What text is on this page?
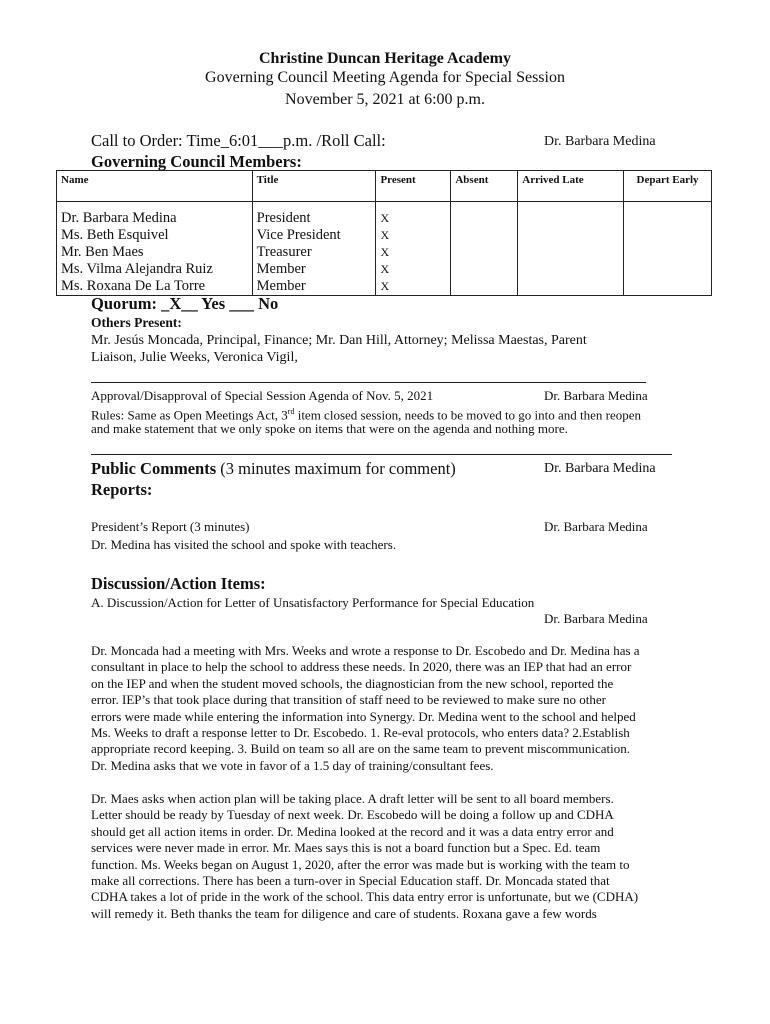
Christine Duncan Heritage Academy
Governing Council Meeting Agenda for Special Session
November 5, 2021 at 6:00 p.m.
Call to Order: Time_6:01___p.m. /Roll Call:	Dr. Barbara Medina
Governing Council Members:
Name	Title	Present	Absent	Arrived Late	Depart Early

Dr. Barbara Medina	President	X			
Ms. Beth Esquivel	Vice President	X			
Mr. Ben Maes	Treasurer	X			
Ms. Vilma Alejandra Ruiz	Member	X			
Ms. Roxana De La Torre	Member	X			
Quorum: _X__ Yes ___ No
Others Present:
Mr. Jesús Moncada, Principal, Finance; Mr. Dan Hill, Attorney; Melissa Maestas, Parent
Liaison, Julie Weeks, Veronica Vigil,
Approval/Disapproval of Special Session Agenda of Nov. 5, 2021	Dr. Barbara Medina
Rules: Same as Open Meetings Act, 3rd item closed session, needs to be moved to go into and then reopen
and make statement that we only spoke on items that were on the agenda and nothing more.
Public Comments (3 minutes maximum for comment)	Dr. Barbara Medina
Reports:
President’s Report (3 minutes)	Dr. Barbara Medina
Dr. Medina has visited the school and spoke with teachers.
Discussion/Action Items:
A. Discussion/Action for Letter of Unsatisfactory Performance for Special Education
Dr. Barbara Medina
Dr. Moncada had a meeting with Mrs. Weeks and wrote a response to Dr. Escobedo and Dr. Medina has a
consultant in place to help the school to address these needs. In 2020, there was an IEP that had an error
on the IEP and when the student moved schools, the diagnostician from the new school, reported the
error. IEP’s that took place during that transition of staff need to be reviewed to make sure no other
errors were made while entering the information into Synergy. Dr. Medina went to the school and helped
Ms. Weeks to draft a response letter to Dr. Escobedo. 1. Re-eval protocols, who enters data? 2.Establish
appropriate record keeping. 3. Build on team so all are on the same team to prevent miscommunication.
Dr. Medina asks that we vote in favor of a 1.5 day of training/consultant fees.
Dr. Maes asks when action plan will be taking place. A draft letter will be sent to all board members.
Letter should be ready by Tuesday of next week. Dr. Escobedo will be doing a follow up and CDHA
should get all action items in order. Dr. Medina looked at the record and it was a data entry error and
services were never made in error. Mr. Maes says this is not a board function but a Spec. Ed. team
function. Ms. Weeks began on August 1, 2020, after the error was made but is working with the team to
make all corrections. There has been a turn-over in Special Education staff. Dr. Moncada stated that
CDHA takes a lot of pride in the work of the school. This data entry error is unfortunate, but we (CDHA)
will remedy it. Beth thanks the team for diligence and care of students. Roxana gave a few words
